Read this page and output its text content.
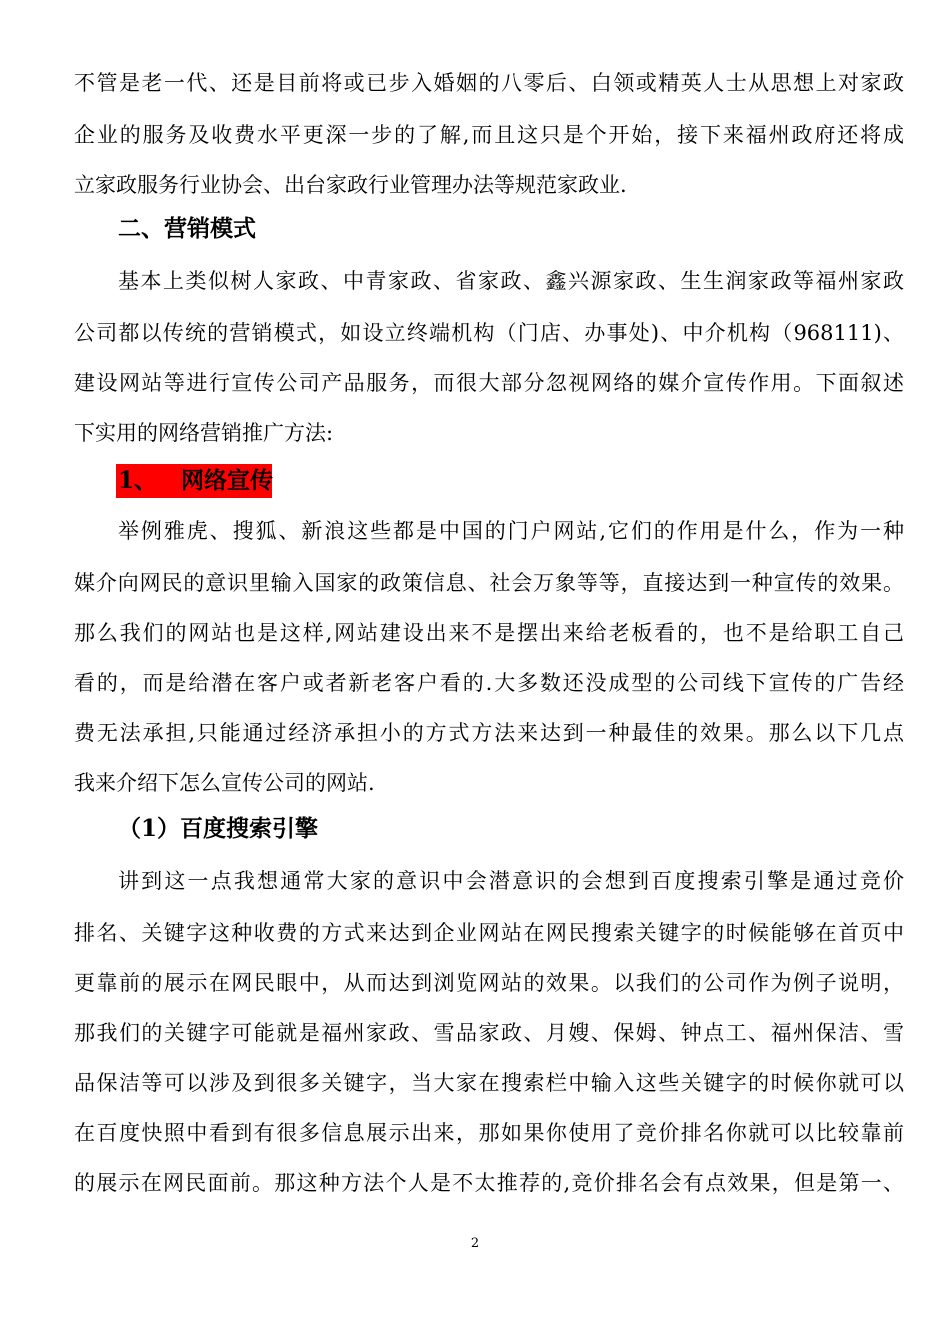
不管是老一代、还是目前将或已步入婚姻的八零后、白领或精英人士从思想上对家政
企业的服务及收费水平更深一步的了解,而且这只是个开始，接下来福州政府还将成
立家政服务行业协会、出台家政行业管理办法等规范家政业.
二、营销模式
基本上类似树人家政、中青家政、省家政、鑫兴源家政、生生润家政等福州家政
公司都以传统的营销模式，如设立终端机构（门店、办事处)、中介机构（968111)、
建设网站等进行宣传公司产品服务，而很大部分忽视网络的媒介宣传作用。下面叙述
下实用的网络营销推广方法:
1、   网络宣传
举例雅虎、搜狐、新浪这些都是中国的门户网站,它们的作用是什么，作为一种
媒介向网民的意识里输入国家的政策信息、社会万象等等，直接达到一种宣传的效果。
那么我们的网站也是这样,网站建设出来不是摆出来给老板看的，也不是给职工自己
看的，而是给潜在客户或者新老客户看的.大多数还没成型的公司线下宣传的广告经
费无法承担,只能通过经济承担小的方式方法来达到一种最佳的效果。那么以下几点
我来介绍下怎么宣传公司的网站.
（1）百度搜索引擎
讲到这一点我想通常大家的意识中会潜意识的会想到百度搜索引擎是通过竞价
排名、关键字这种收费的方式来达到企业网站在网民搜索关键字的时候能够在首页中
更靠前的展示在网民眼中，从而达到浏览网站的效果。以我们的公司作为例子说明，
那我们的关键字可能就是福州家政、雪品家政、月嫂、保姆、钟点工、福州保洁、雪
品保洁等可以涉及到很多关键字，当大家在搜索栏中输入这些关键字的时候你就可以
在百度快照中看到有很多信息展示出来，那如果你使用了竞价排名你就可以比较靠前
的展示在网民面前。那这种方法个人是不太推荐的,竞价排名会有点效果，但是第一、
2
